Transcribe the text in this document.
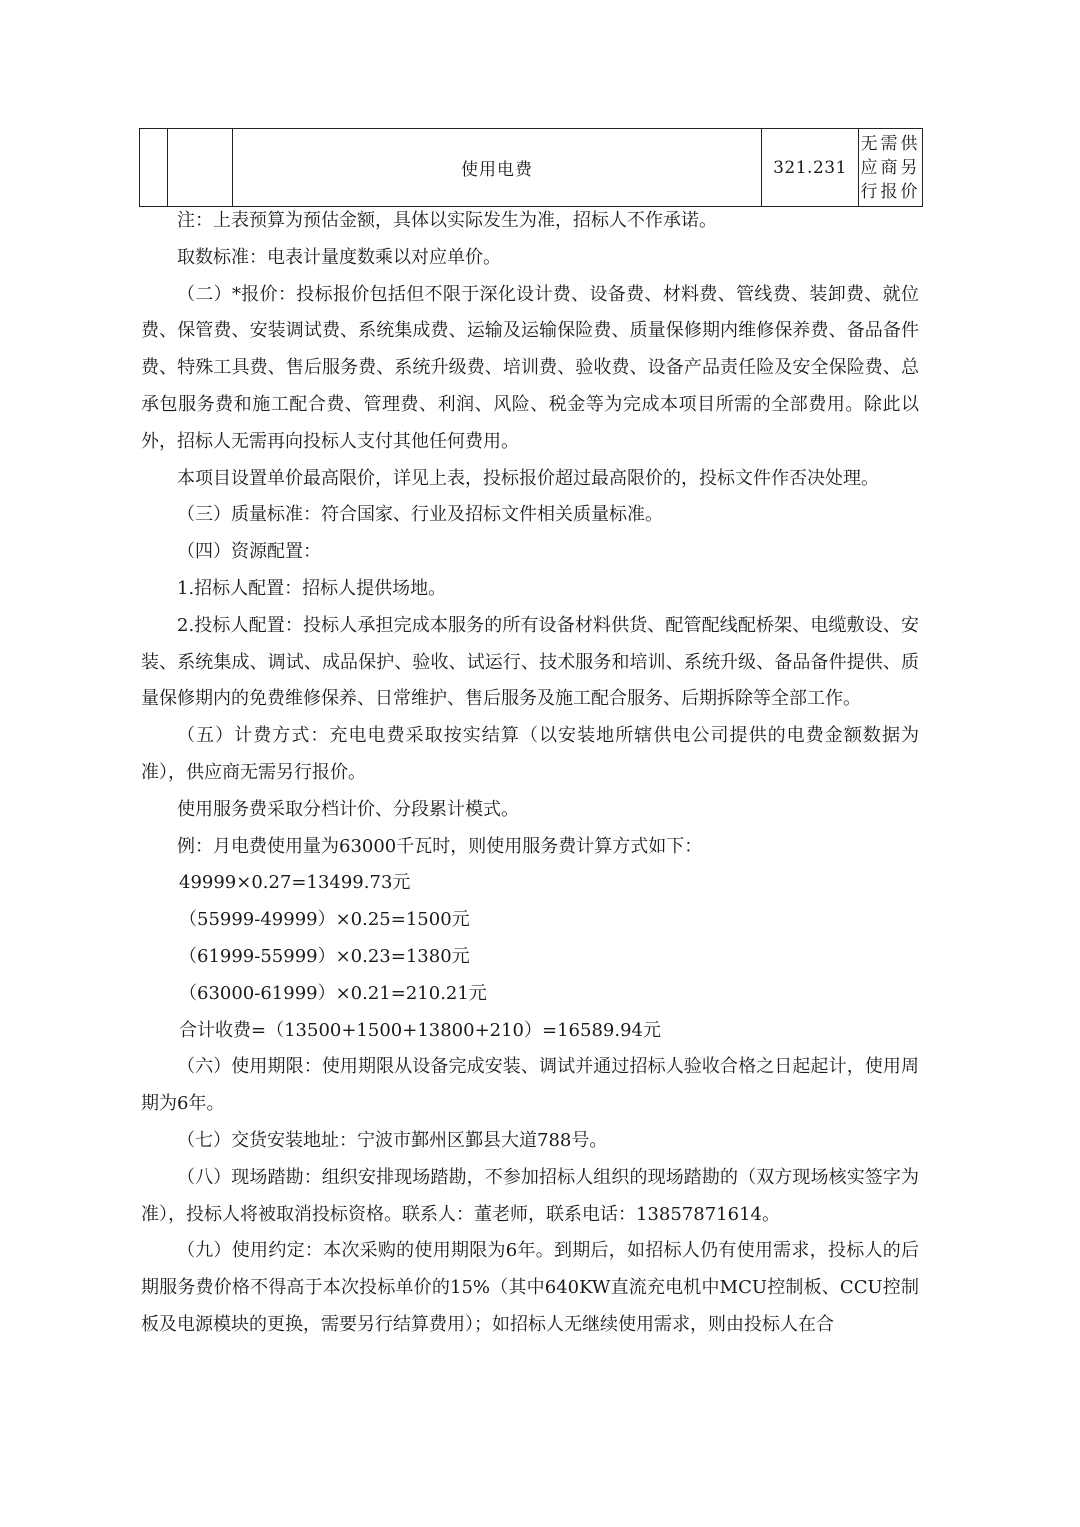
		使用电费	321.231	无需供应商另行报价

注：上表预算为预估金额，具体以实际发生为准，招标人不作承诺。

取数标准：电表计量度数乘以对应单价。

（二）*报价：投标报价包括但不限于深化设计费、设备费、材料费、管线费、装卸费、就位费、保管费、安装调试费、系统集成费、运输及运输保险费、质量保修期内维修保养费、备品备件费、特殊工具费、售后服务费、系统升级费、培训费、验收费、设备产品责任险及安全保险费、总承包服务费和施工配合费、管理费、利润、风险、税金等为完成本项目所需的全部费用。除此以外，招标人无需再向投标人支付其他任何费用。

本项目设置单价最高限价，详见上表，投标报价超过最高限价的，投标文件作否决处理。

（三）质量标准：符合国家、行业及招标文件相关质量标准。

（四）资源配置：

1.招标人配置：招标人提供场地。

2.投标人配置：投标人承担完成本服务的所有设备材料供货、配管配线配桥架、电缆敷设、安装、系统集成、调试、成品保护、验收、试运行、技术服务和培训、系统升级、备品备件提供、质量保修期内的免费维修保养、日常维护、售后服务及施工配合服务、后期拆除等全部工作。

（五）计费方式：充电电费采取按实结算（以安装地所辖供电公司提供的电费金额数据为准），供应商无需另行报价。

使用服务费采取分档计价、分段累计模式。

例：月电费使用量为63000千瓦时，则使用服务费计算方式如下：

49999×0.27=13499.73元

（55999-49999）×0.25=1500元

（61999-55999）×0.23=1380元

（63000-61999）×0.21=210.21元

合计收费=（13500+1500+13800+210）=16589.94元

（六）使用期限：使用期限从设备完成安装、调试并通过招标人验收合格之日起起计，使用周期为6年。

（七）交货安装地址：宁波市鄞州区鄞县大道788号。

（八）现场踏勘：组织安排现场踏勘，不参加招标人组织的现场踏勘的（双方现场核实签字为准），投标人将被取消投标资格。联系人：董老师，联系电话：13857871614。

（九）使用约定：本次采购的使用期限为6年。到期后，如招标人仍有使用需求，投标人的后期服务费价格不得高于本次投标单价的15%（其中640KW直流充电机中MCU控制板、CCU控制板及电源模块的更换，需要另行结算费用）；如招标人无继续使用需求，则由投标人在合
